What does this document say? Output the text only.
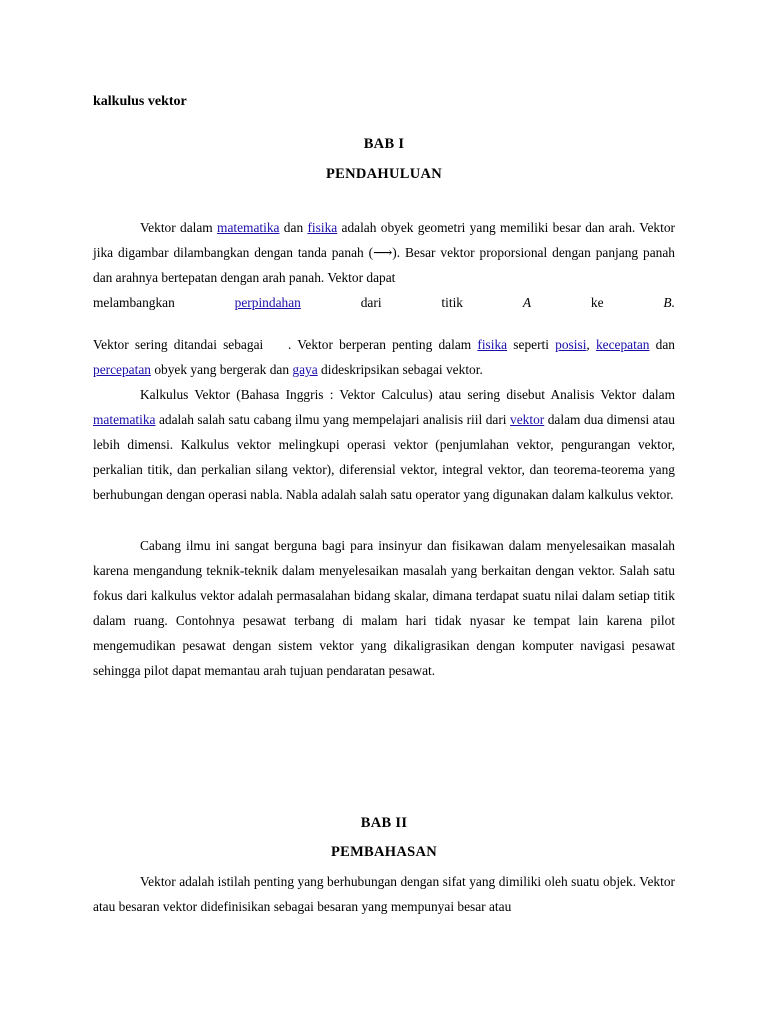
kalkulus vektor
BAB I
PENDAHULUAN
Vektor dalam matematika dan fisika adalah obyek geometri yang memiliki besar dan arah. Vektor jika digambar dilambangkan dengan tanda panah (⟶). Besar vektor proporsional dengan panjang panah dan arahnya bertepatan dengan arah panah. Vektor dapat
melambangkan	perpindahan	dari	titik	A	ke	B.
Vektor sering ditandai sebagai    . Vektor berperan penting dalam fisika seperti posisi, kecepatan dan percepatan obyek yang bergerak dan gaya dideskripsikan sebagai vektor.
Kalkulus Vektor (Bahasa Inggris : Vektor Calculus) atau sering disebut Analisis Vektor dalam matematika adalah salah satu cabang ilmu yang mempelajari analisis riil dari vektor dalam dua dimensi atau lebih dimensi. Kalkulus vektor melingkupi operasi vektor (penjumlahan vektor, pengurangan vektor, perkalian titik, dan perkalian silang vektor), diferensial vektor, integral vektor, dan teorema-teorema yang berhubungan dengan operasi nabla. Nabla adalah salah satu operator yang digunakan dalam kalkulus vektor.
Cabang ilmu ini sangat berguna bagi para insinyur dan fisikawan dalam menyelesaikan masalah karena mengandung teknik-teknik dalam menyelesaikan masalah yang berkaitan dengan vektor. Salah satu fokus dari kalkulus vektor adalah permasalahan bidang skalar, dimana terdapat suatu nilai dalam setiap titik dalam ruang. Contohnya pesawat terbang di malam hari tidak nyasar ke tempat lain karena pilot mengemudikan pesawat dengan sistem vektor yang dikaligrasikan dengan komputer navigasi pesawat sehingga pilot dapat memantau arah tujuan pendaratan pesawat.
BAB II
PEMBAHASAN
Vektor adalah istilah penting yang berhubungan dengan sifat yang dimiliki oleh suatu objek. Vektor atau besaran vektor didefinisikan sebagai besaran yang mempunyai besar atau
